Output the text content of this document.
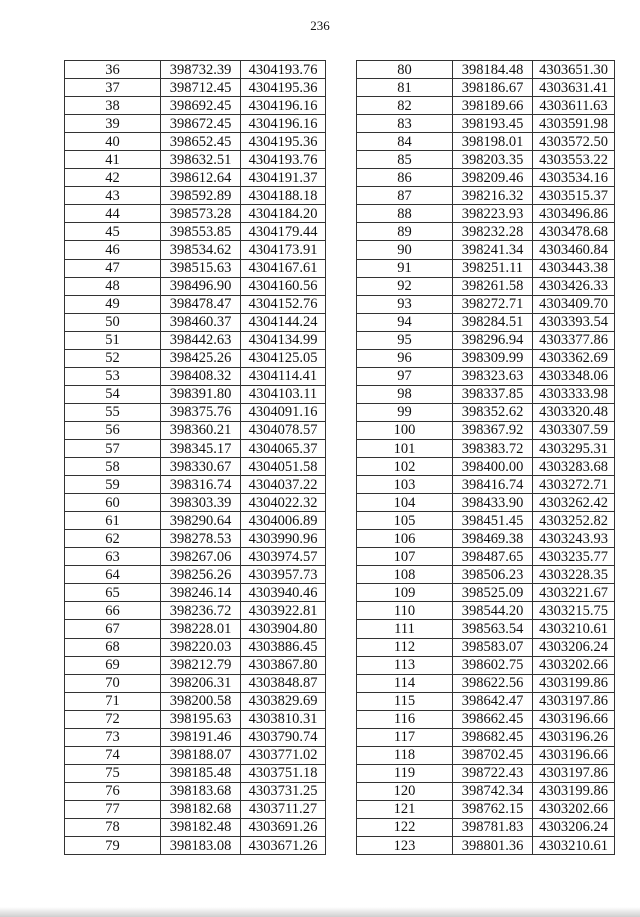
236
36	398732.39	4304193.76
37	398712.45	4304195.36
38	398692.45	4304196.16
39	398672.45	4304196.16
40	398652.45	4304195.36
41	398632.51	4304193.76
42	398612.64	4304191.37
43	398592.89	4304188.18
44	398573.28	4304184.20
45	398553.85	4304179.44
46	398534.62	4304173.91
47	398515.63	4304167.61
48	398496.90	4304160.56
49	398478.47	4304152.76
50	398460.37	4304144.24
51	398442.63	4304134.99
52	398425.26	4304125.05
53	398408.32	4304114.41
54	398391.80	4304103.11
55	398375.76	4304091.16
56	398360.21	4304078.57
57	398345.17	4304065.37
58	398330.67	4304051.58
59	398316.74	4304037.22
60	398303.39	4304022.32
61	398290.64	4304006.89
62	398278.53	4303990.96
63	398267.06	4303974.57
64	398256.26	4303957.73
65	398246.14	4303940.46
66	398236.72	4303922.81
67	398228.01	4303904.80
68	398220.03	4303886.45
69	398212.79	4303867.80
70	398206.31	4303848.87
71	398200.58	4303829.69
72	398195.63	4303810.31
73	398191.46	4303790.74
74	398188.07	4303771.02
75	398185.48	4303751.18
76	398183.68	4303731.25
77	398182.68	4303711.27
78	398182.48	4303691.26
79	398183.08	4303671.26
80	398184.48	4303651.30
81	398186.67	4303631.41
82	398189.66	4303611.63
83	398193.45	4303591.98
84	398198.01	4303572.50
85	398203.35	4303553.22
86	398209.46	4303534.16
87	398216.32	4303515.37
88	398223.93	4303496.86
89	398232.28	4303478.68
90	398241.34	4303460.84
91	398251.11	4303443.38
92	398261.58	4303426.33
93	398272.71	4303409.70
94	398284.51	4303393.54
95	398296.94	4303377.86
96	398309.99	4303362.69
97	398323.63	4303348.06
98	398337.85	4303333.98
99	398352.62	4303320.48
100	398367.92	4303307.59
101	398383.72	4303295.31
102	398400.00	4303283.68
103	398416.74	4303272.71
104	398433.90	4303262.42
105	398451.45	4303252.82
106	398469.38	4303243.93
107	398487.65	4303235.77
108	398506.23	4303228.35
109	398525.09	4303221.67
110	398544.20	4303215.75
111	398563.54	4303210.61
112	398583.07	4303206.24
113	398602.75	4303202.66
114	398622.56	4303199.86
115	398642.47	4303197.86
116	398662.45	4303196.66
117	398682.45	4303196.26
118	398702.45	4303196.66
119	398722.43	4303197.86
120	398742.34	4303199.86
121	398762.15	4303202.66
122	398781.83	4303206.24
123	398801.36	4303210.61
